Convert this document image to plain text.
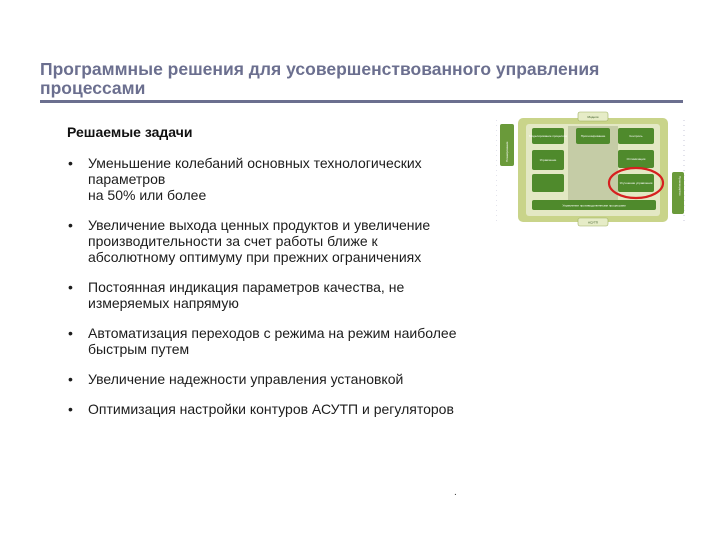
Программные решения для усовершенствованного управления процессами
Решаемые задачи
• Уменьшение колебаний основных технологических параметров
на 50% или более
• Увеличение выхода ценных продуктов и увеличение производительности за счет работы ближе к абсолютному оптимуму при прежних ограничениях
• Постоянная индикация параметров качества, не измеряемых напрямую
• Автоматизация переходов с режима на режим наиболее быстрым путем
• Увеличение надежности управления установкой
• Оптимизация настройки контуров АСУТП и регуляторов
.
Модели
АСУТП
Планирование
Производство
Моделирование процессов	Прогнозирование	Контроль
Управление	Оптимизация
Улучшение управления
Управление производственными процессами
